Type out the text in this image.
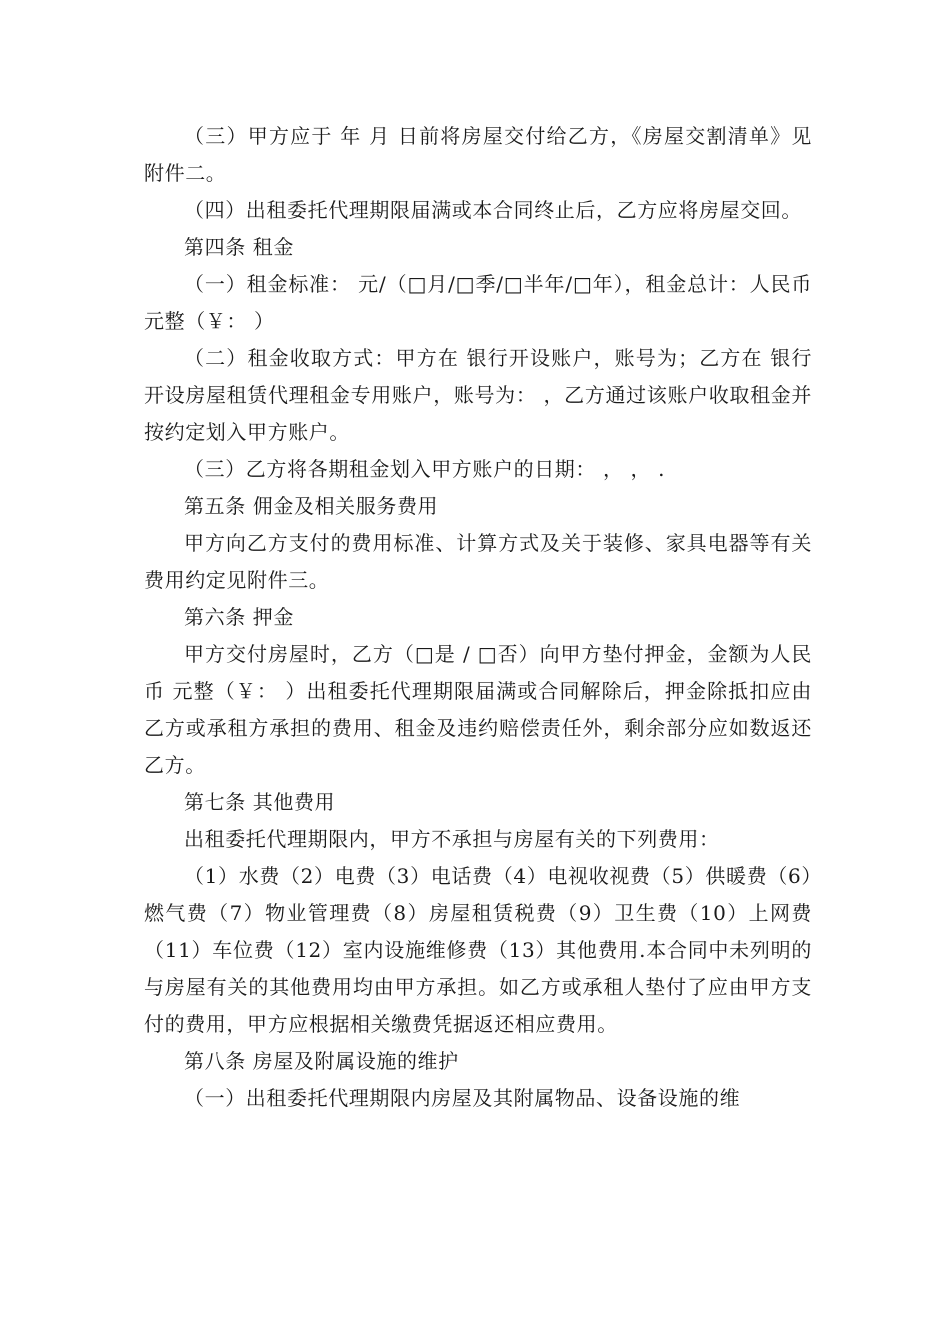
（三）甲方应于 年 月 日前将房屋交付给乙方，《房屋交割清单》见附件二。

（四）出租委托代理期限届满或本合同终止后，乙方应将房屋交回。

第四条 租金

（一）租金标准： 元/（□月/□季/□半年/□年），租金总计：人民币 元整（￥： ）

（二）租金收取方式：甲方在 银行开设账户，账号为；乙方在 银行开设房屋租赁代理租金专用账户，账号为： ，乙方通过该账户收取租金并按约定划入甲方账户。

（三）乙方将各期租金划入甲方账户的日期： ， ， .

第五条 佣金及相关服务费用

甲方向乙方支付的费用标准、计算方式及关于装修、家具电器等有关费用约定见附件三。

第六条 押金

甲方交付房屋时，乙方（□是 / □否）向甲方垫付押金，金额为人民币 元整（￥： ）出租委托代理期限届满或合同解除后，押金除抵扣应由乙方或承租方承担的费用、租金及违约赔偿责任外，剩余部分应如数返还乙方。

第七条 其他费用

出租委托代理期限内，甲方不承担与房屋有关的下列费用：

（1）水费（2）电费（3）电话费（4）电视收视费（5）供暖费（6）燃气费（7）物业管理费（8）房屋租赁税费（9）卫生费（10）上网费（11）车位费（12）室内设施维修费（13）其他费用.本合同中未列明的与房屋有关的其他费用均由甲方承担。如乙方或承租人垫付了应由甲方支付的费用，甲方应根据相关缴费凭据返还相应费用。

第八条 房屋及附属设施的维护

（一）出租委托代理期限内房屋及其附属物品、设备设施的维
